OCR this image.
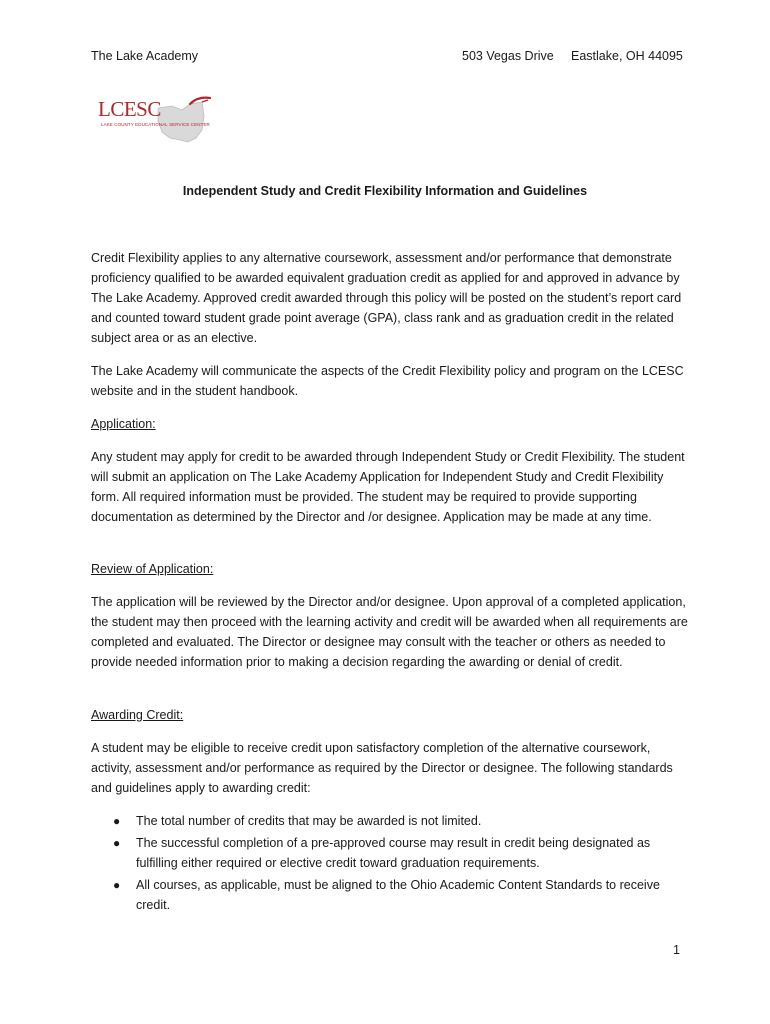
The Lake Academy	503 Vegas Drive Eastlake, OH 44095
LCESC
LAKE COUNTY EDUCATIONAL SERVICE CENTER
Independent Study and Credit Flexibility Information and Guidelines

Credit Flexibility applies to any alternative coursework, assessment and/or performance that demonstrate proficiency qualified to be awarded equivalent graduation credit as applied for and approved in advance by The Lake Academy. Approved credit awarded through this policy will be posted on the student’s report card and counted toward student grade point average (GPA), class rank and as graduation credit in the related subject area or as an elective.

The Lake Academy will communicate the aspects of the Credit Flexibility policy and program on the LCESC website and in the student handbook.

Application:

Any student may apply for credit to be awarded through Independent Study or Credit Flexibility. The student will submit an application on The Lake Academy Application for Independent Study and Credit Flexibility form. All required information must be provided. The student may be required to provide supporting documentation as determined by the Director and /or designee. Application may be made at any time.

Review of Application:

The application will be reviewed by the Director and/or designee. Upon approval of a completed application, the student may then proceed with the learning activity and credit will be awarded when all requirements are completed and evaluated. The Director or designee may consult with the teacher or others as needed to provide needed information prior to making a decision regarding the awarding or denial of credit.

Awarding Credit:

A student may be eligible to receive credit upon satisfactory completion of the alternative coursework, activity, assessment and/or performance as required by the Director or designee. The following standards and guidelines apply to awarding credit:

● The total number of credits that may be awarded is not limited.
● The successful completion of a pre-approved course may result in credit being designated as fulfilling either required or elective credit toward graduation requirements.
● All courses, as applicable, must be aligned to the Ohio Academic Content Standards to receive credit.
1
